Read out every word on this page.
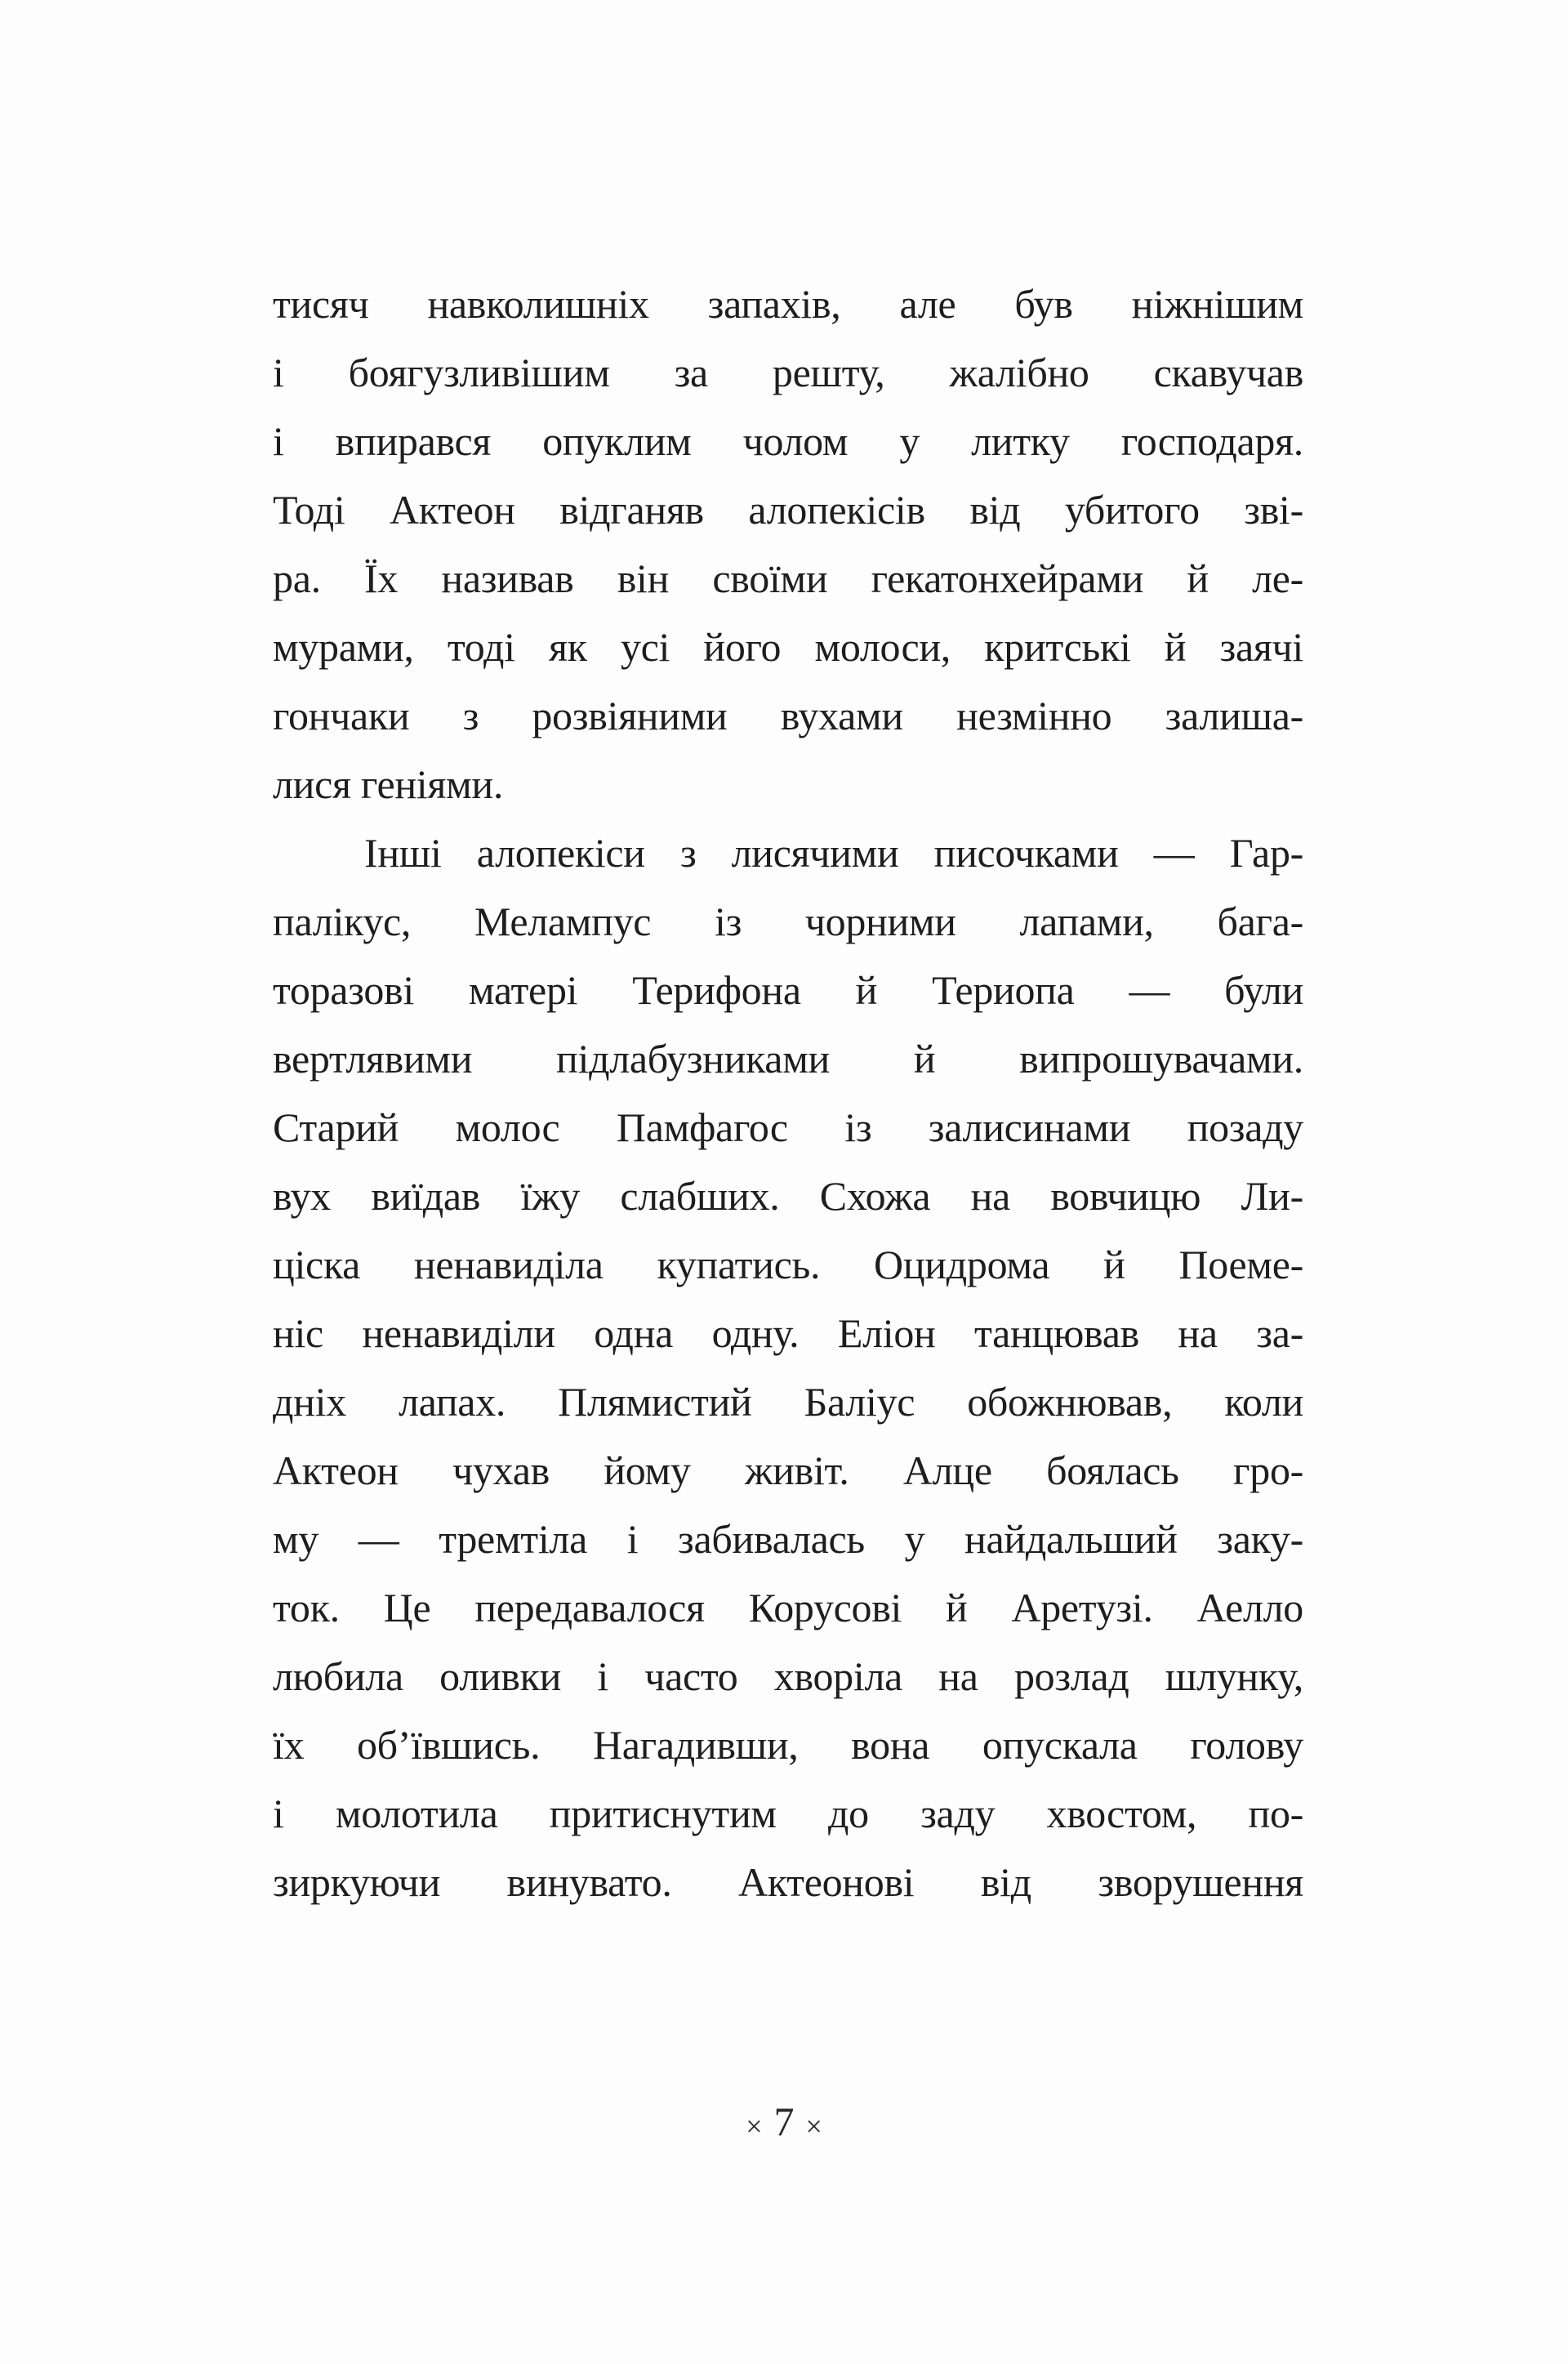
тисяч навколишніх запахів, але був ніжнішим
і боягузливішим за решту, жалібно скавучав
і впирався опуклим чолом у литку господаря.
Тоді Актеон відганяв алопекісів від убитого зві-
ра. Їх називав він своїми гекатонхейрами й ле-
мурами, тоді як усі його молоси, критські й заячі
гончаки з розвіяними вухами незмінно залиша-
лися геніями.
Інші алопекіси з лисячими писочками — Гар-
палікус, Мелампус із чорними лапами, бага-
торазові матері Терифона й Териопа — були
вертлявими підлабузниками й випрошувачами.
Старий молос Памфагос із залисинами позаду
вух виїдав їжу слабших. Схожа на вовчицю Ли-
ціска ненавиділа купатись. Оцидрома й Поеме-
ніс ненавиділи одна одну. Еліон танцював на за-
дніх лапах. Плямистий Баліус обожнював, коли
Актеон чухав йому живіт. Алце боялась гро-
му — тремтіла і забивалась у найдальший заку-
ток. Це передавалося Корусові й Аретузі. Аелло
любила оливки і часто хворіла на розлад шлунку,
їх об’ївшись. Нагадивши, вона опускала голову
і молотила притиснутим до заду хвостом, по-
зиркуючи винувато. Актеонові від зворушення
× 7 ×
